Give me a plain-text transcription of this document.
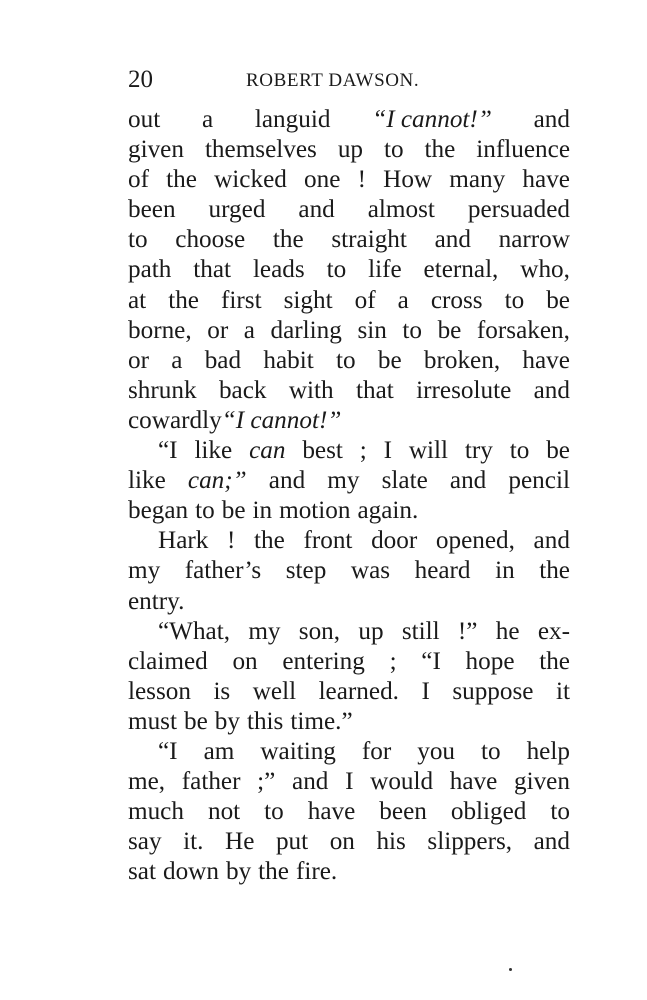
20	ROBERT DAWSON.
out a languid “I cannot!” and
given themselves up to the influence
of the wicked one ! How many have
been urged and almost persuaded
to choose the straight and narrow
path that leads to life eternal, who,
at the first sight of a cross to be
borne, or a darling sin to be forsaken,
or a bad habit to be broken, have
shrunk back with that irresolute and
cowardly “I cannot!”
“I like can best ; I will try to be
like can;” and my slate and pencil
began to be in motion again.
Hark ! the front door opened, and
my father’s step was heard in the
entry.
“What, my son, up still !” he ex-
claimed on entering ; “I hope the
lesson is well learned. I suppose it
must be by this time.”
“I am waiting for you to help
me, father ;” and I would have given
much not to have been obliged to
say it. He put on his slippers, and
sat down by the fire.
